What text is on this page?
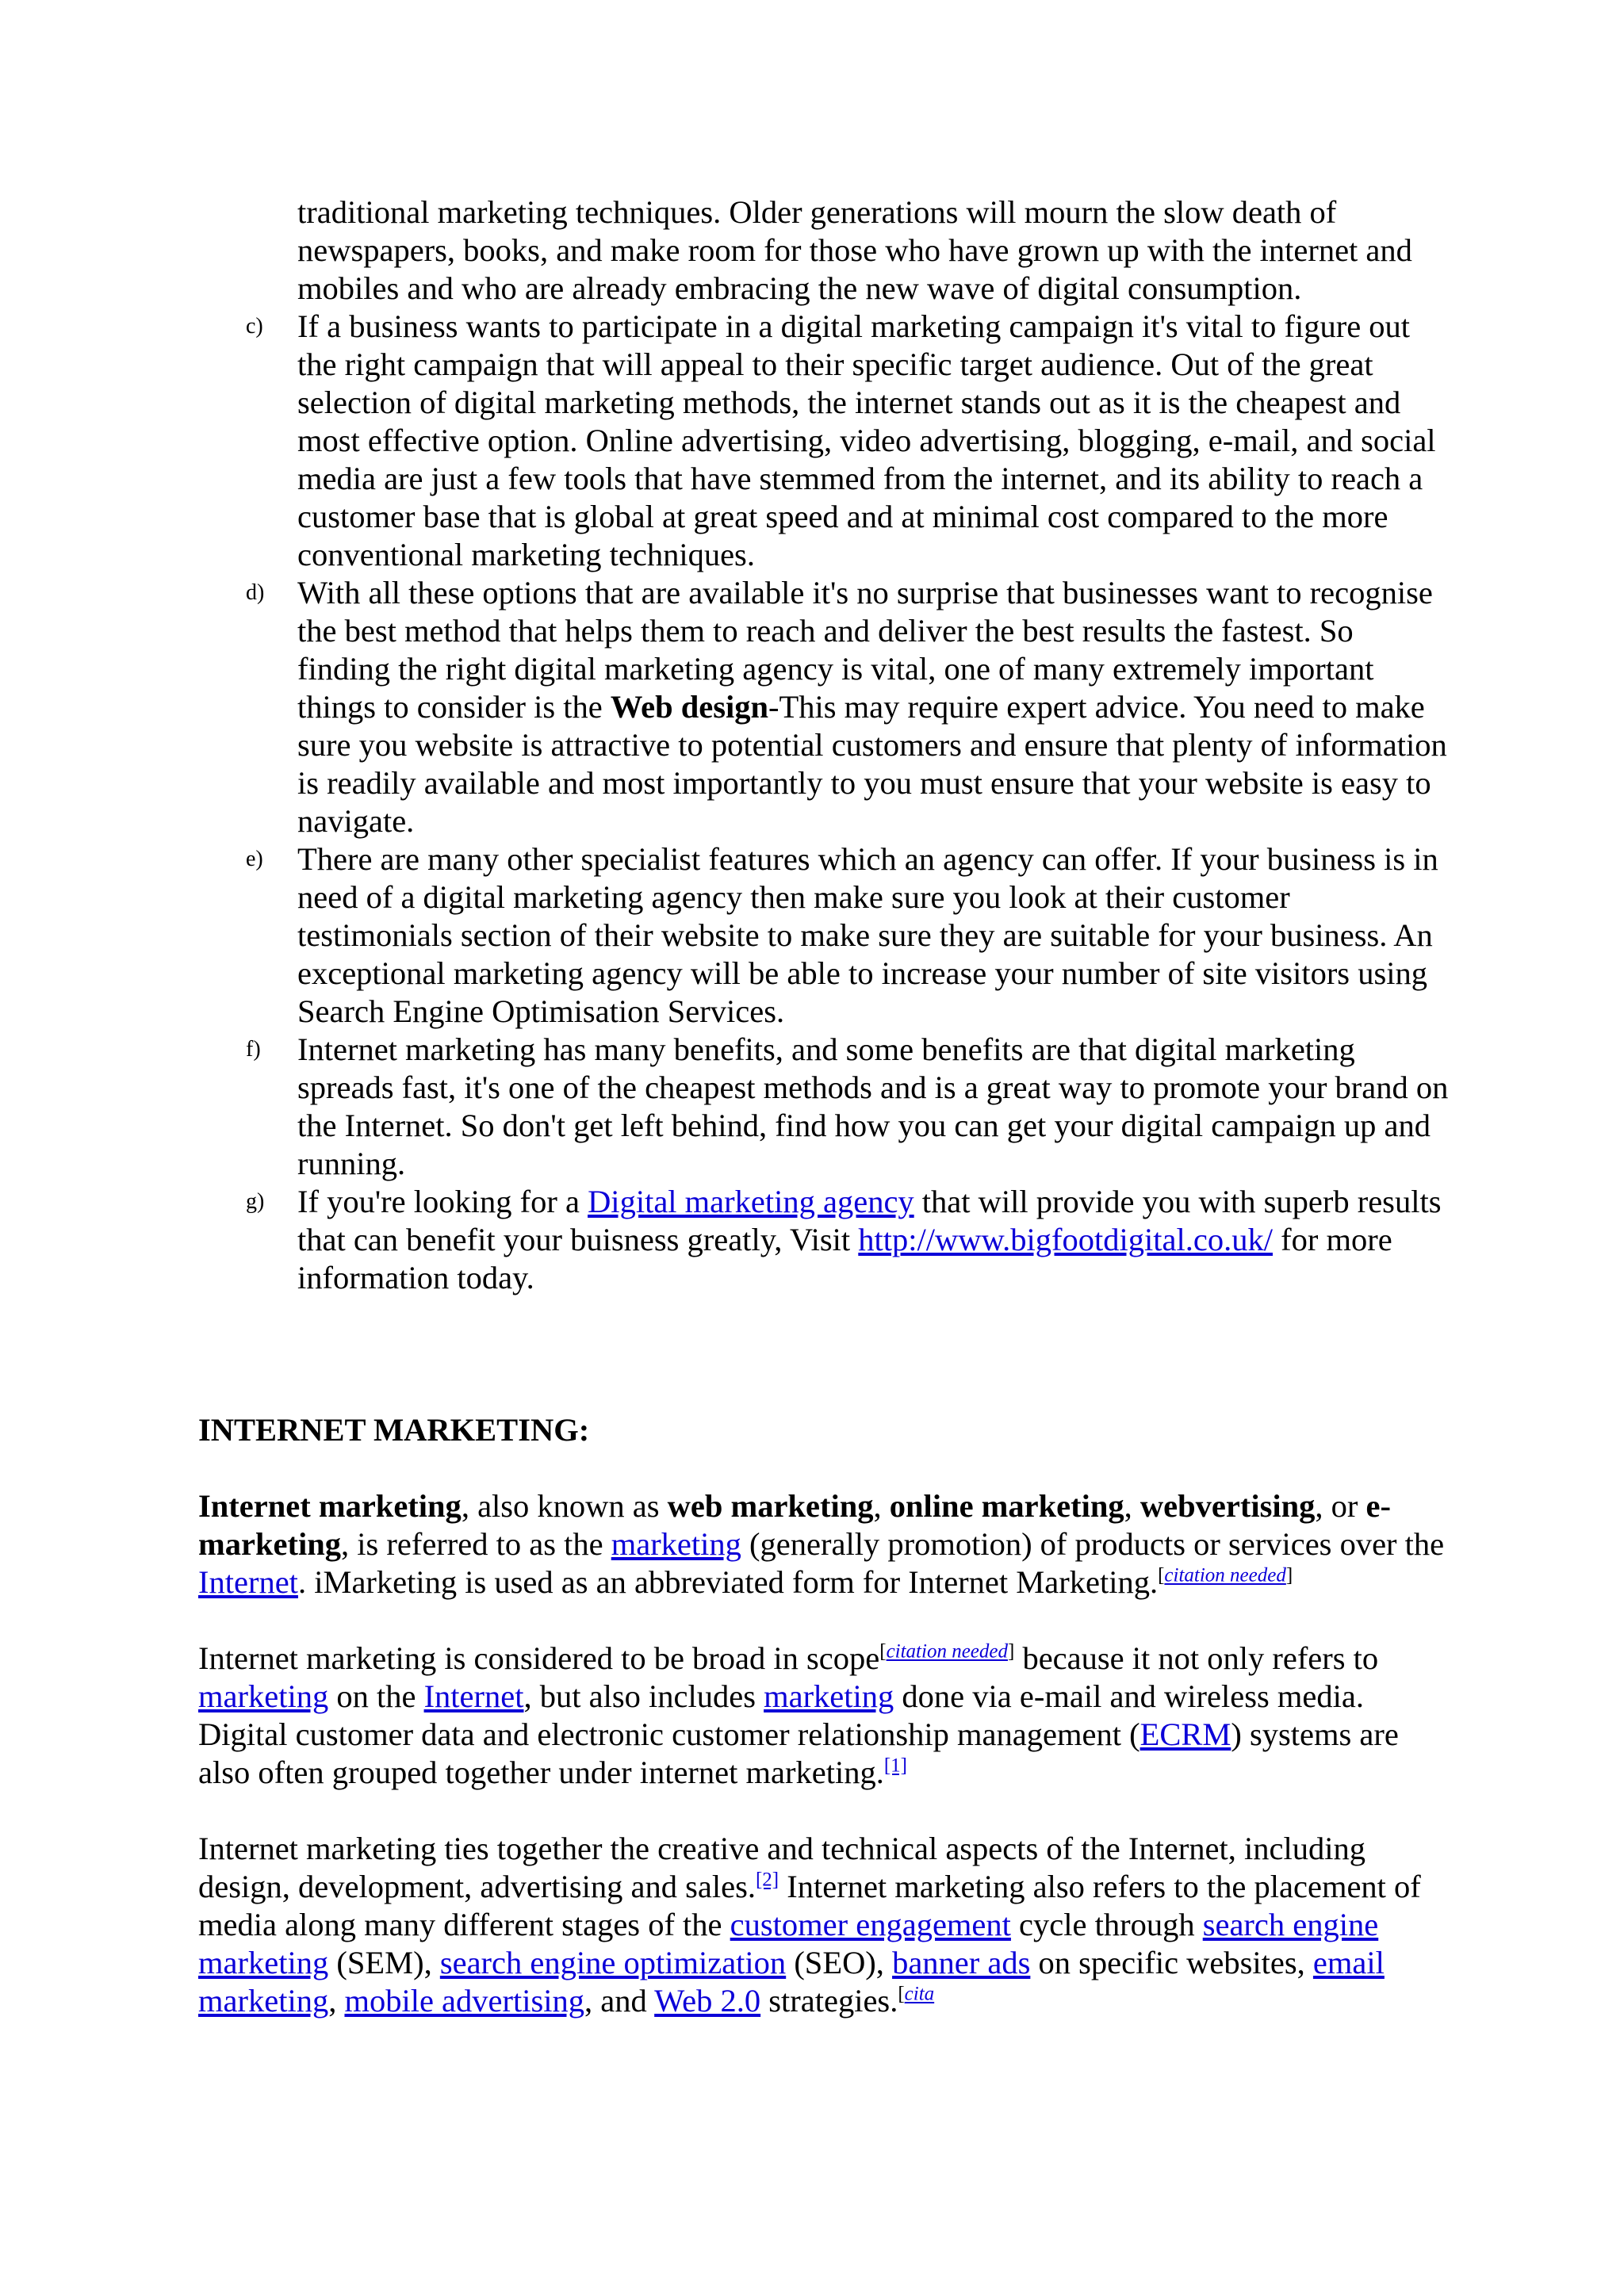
traditional marketing techniques. Older generations will mourn the slow death of newspapers, books, and make room for those who have grown up with the internet and mobiles and who are already embracing the new wave of digital consumption.

c) If a business wants to participate in a digital marketing campaign it's vital to figure out the right campaign that will appeal to their specific target audience. Out of the great selection of digital marketing methods, the internet stands out as it is the cheapest and most effective option. Online advertising, video advertising, blogging, e-mail, and social media are just a few tools that have stemmed from the internet, and its ability to reach a customer base that is global at great speed and at minimal cost compared to the more conventional marketing techniques.
d) With all these options that are available it's no surprise that businesses want to recognise the best method that helps them to reach and deliver the best results the fastest. So finding the right digital marketing agency is vital, one of many extremely important things to consider is the Web design-This may require expert advice. You need to make sure you website is attractive to potential customers and ensure that plenty of information is readily available and most importantly to you must ensure that your website is easy to navigate.
e) There are many other specialist features which an agency can offer. If your business is in need of a digital marketing agency then make sure you look at their customer testimonials section of their website to make sure they are suitable for your business. An exceptional marketing agency will be able to increase your number of site visitors using Search Engine Optimisation Services.
f) Internet marketing has many benefits, and some benefits are that digital marketing spreads fast, it's one of the cheapest methods and is a great way to promote your brand on the Internet. So don't get left behind, find how you can get your digital campaign up and running.
g) If you're looking for a Digital marketing agency that will provide you with superb results that can benefit your buisness greatly, Visit http://www.bigfootdigital.co.uk/ for more information today.
INTERNET MARKETING:

Internet marketing, also known as web marketing, online marketing, webvertising, or e-marketing, is referred to as the marketing (generally promotion) of products or services over the Internet. iMarketing is used as an abbreviated form for Internet Marketing.[citation needed]

Internet marketing is considered to be broad in scope[citation needed] because it not only refers to marketing on the Internet, but also includes marketing done via e-mail and wireless media. Digital customer data and electronic customer relationship management (ECRM) systems are also often grouped together under internet marketing.[1]

Internet marketing ties together the creative and technical aspects of the Internet, including design, development, advertising and sales.[2] Internet marketing also refers to the placement of media along many different stages of the customer engagement cycle through search engine marketing (SEM), search engine optimization (SEO), banner ads on specific websites, email marketing, mobile advertising, and Web 2.0 strategies.$^{[cita}$
